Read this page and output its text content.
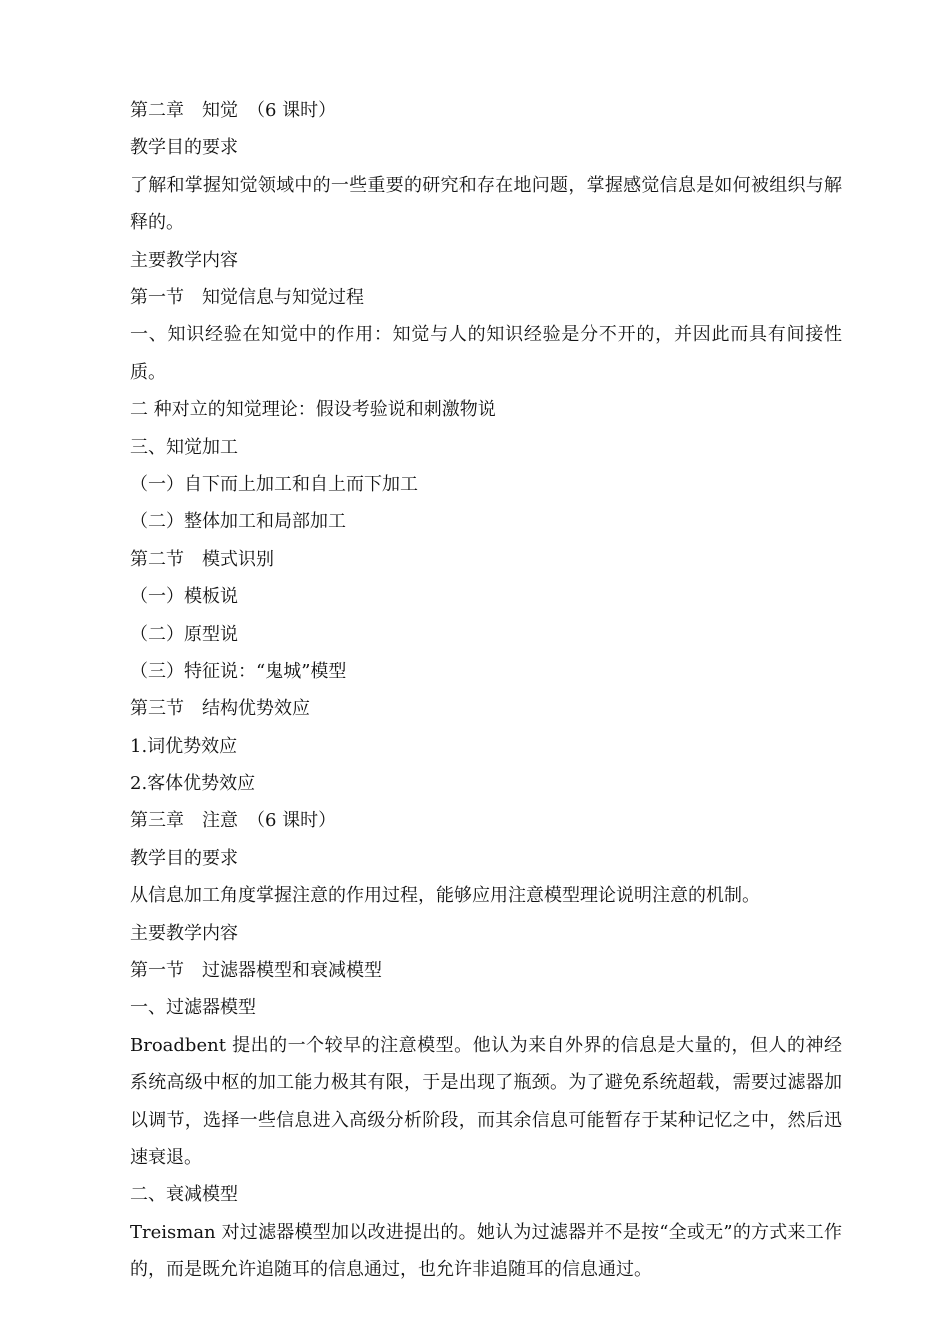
第二章　知觉　（6 课时）
教学目的要求
了解和掌握知觉领域中的一些重要的研究和存在地问题，掌握感觉信息是如何被组织与解释的。
主要教学内容
第一节　知觉信息与知觉过程
一、知识经验在知觉中的作用：知觉与人的知识经验是分不开的，并因此而具有间接性质。
二 种对立的知觉理论：假设考验说和刺激物说
三、知觉加工
（一）自下而上加工和自上而下加工
（二）整体加工和局部加工
第二节　模式识别
（一）模板说
（二）原型说
（三）特征说：“鬼城”模型
第三节　结构优势效应
1.词优势效应
2.客体优势效应
第三章　注意　（6 课时）
教学目的要求
从信息加工角度掌握注意的作用过程，能够应用注意模型理论说明注意的机制。
主要教学内容
第一节　过滤器模型和衰减模型
一、过滤器模型
Broadbent 提出的一个较早的注意模型。他认为来自外界的信息是大量的，但人的神经系统高级中枢的加工能力极其有限，于是出现了瓶颈。为了避免系统超载，需要过滤器加以调节，选择一些信息进入高级分析阶段，而其余信息可能暂存于某种记忆之中，然后迅速衰退。
二、衰减模型
Treisman 对过滤器模型加以改进提出的。她认为过滤器并不是按“全或无”的方式来工作的，而是既允许追随耳的信息通过，也允许非追随耳的信息通过。
